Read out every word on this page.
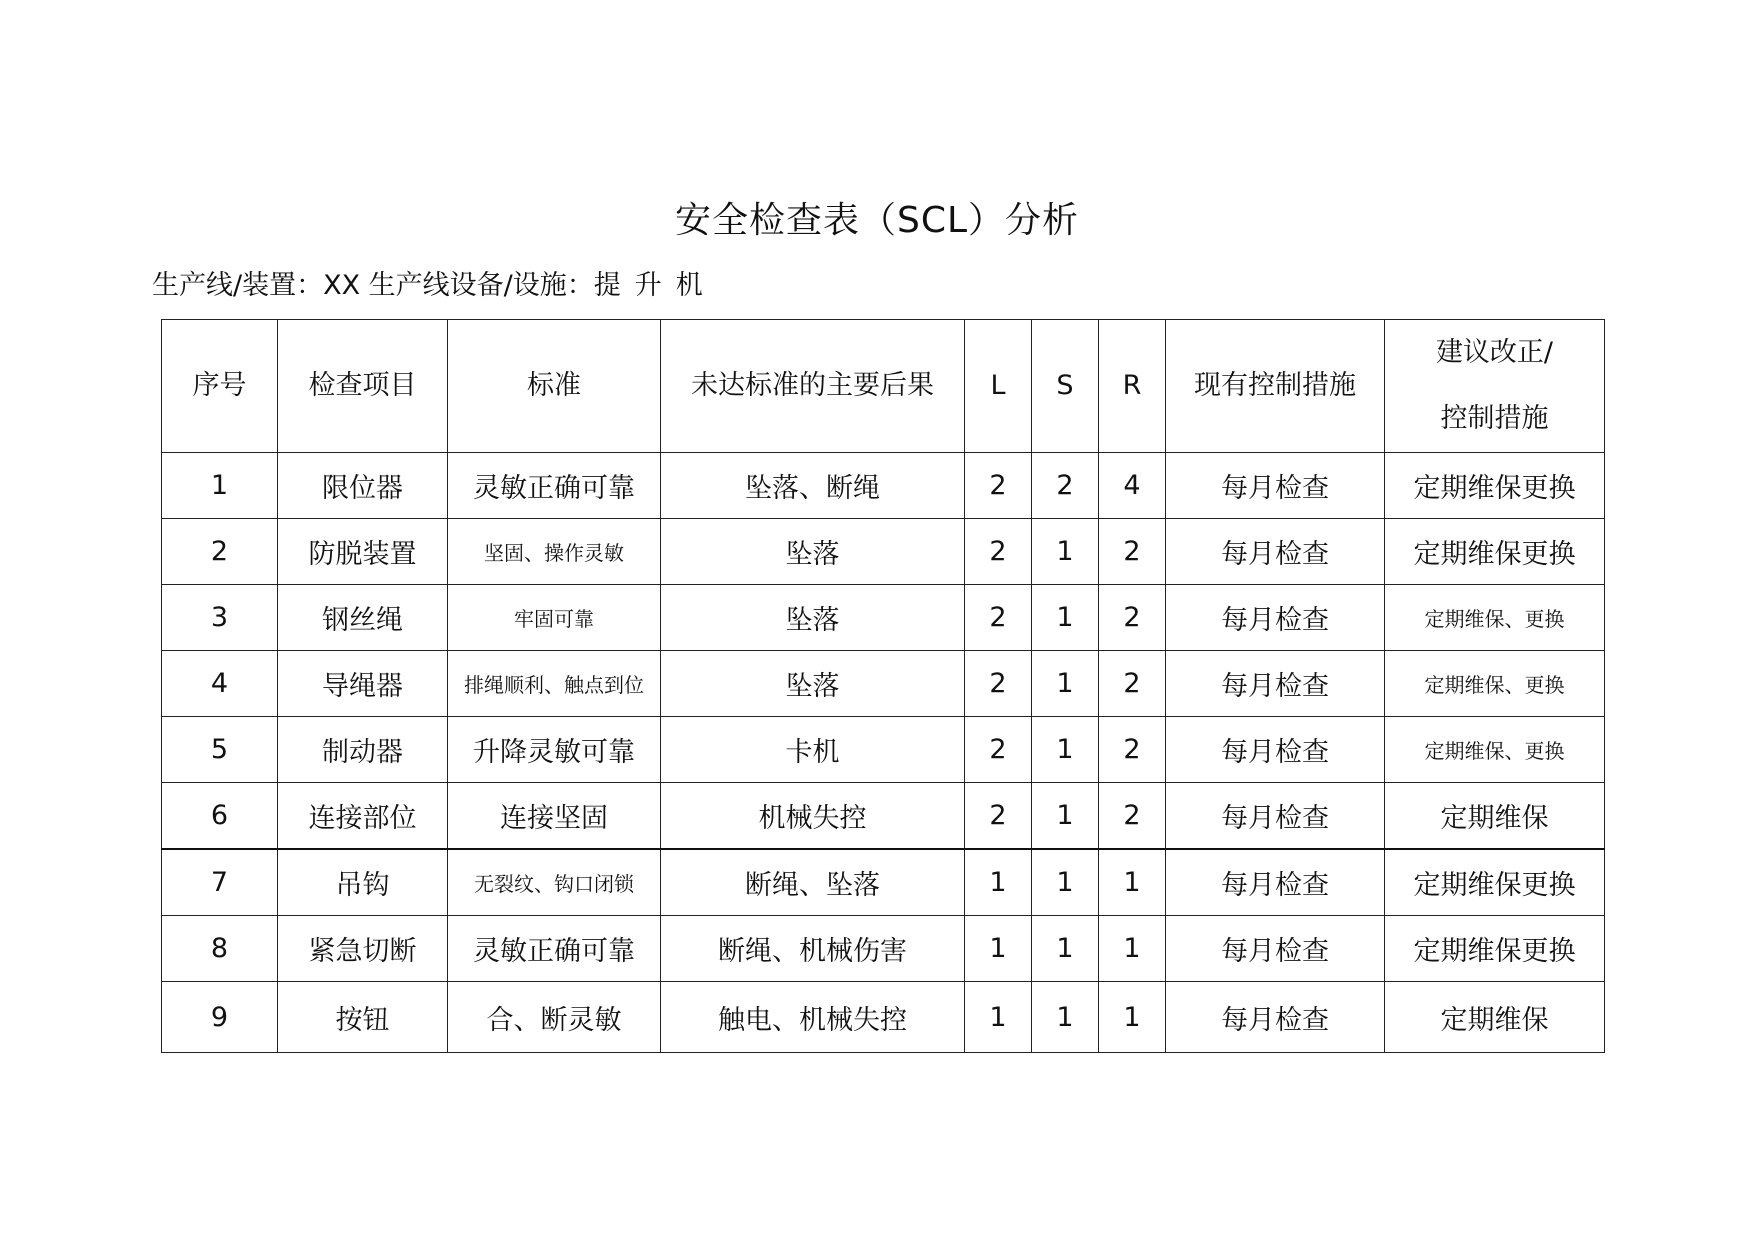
安全检查表（SCL）分析
生产线/装置：XX 生产线设备/设施：提升机
序号	检查项目	标准	未达标准的主要后果	L	S	R	现有控制措施	建议改正/
控制措施

1	限位器	灵敏正确可靠	坠落、断绳	2	2	4	每月检查	定期维保更换
2	防脱装置	坚固、操作灵敏	坠落	2	1	2	每月检查	定期维保更换
3	钢丝绳	牢固可靠	坠落	2	1	2	每月检查	定期维保、更换
4	导绳器	排绳顺利、触点到位	坠落	2	1	2	每月检查	定期维保、更换
5	制动器	升降灵敏可靠	卡机	2	1	2	每月检查	定期维保、更换
6	连接部位	连接坚固	机械失控	2	1	2	每月检查	定期维保
7	吊钩	无裂纹、钩口闭锁	断绳、坠落	1	1	1	每月检查	定期维保更换
8	紧急切断	灵敏正确可靠	断绳、机械伤害	1	1	1	每月检查	定期维保更换
9	按钮	合、断灵敏	触电、机械失控	1	1	1	每月检查	定期维保
